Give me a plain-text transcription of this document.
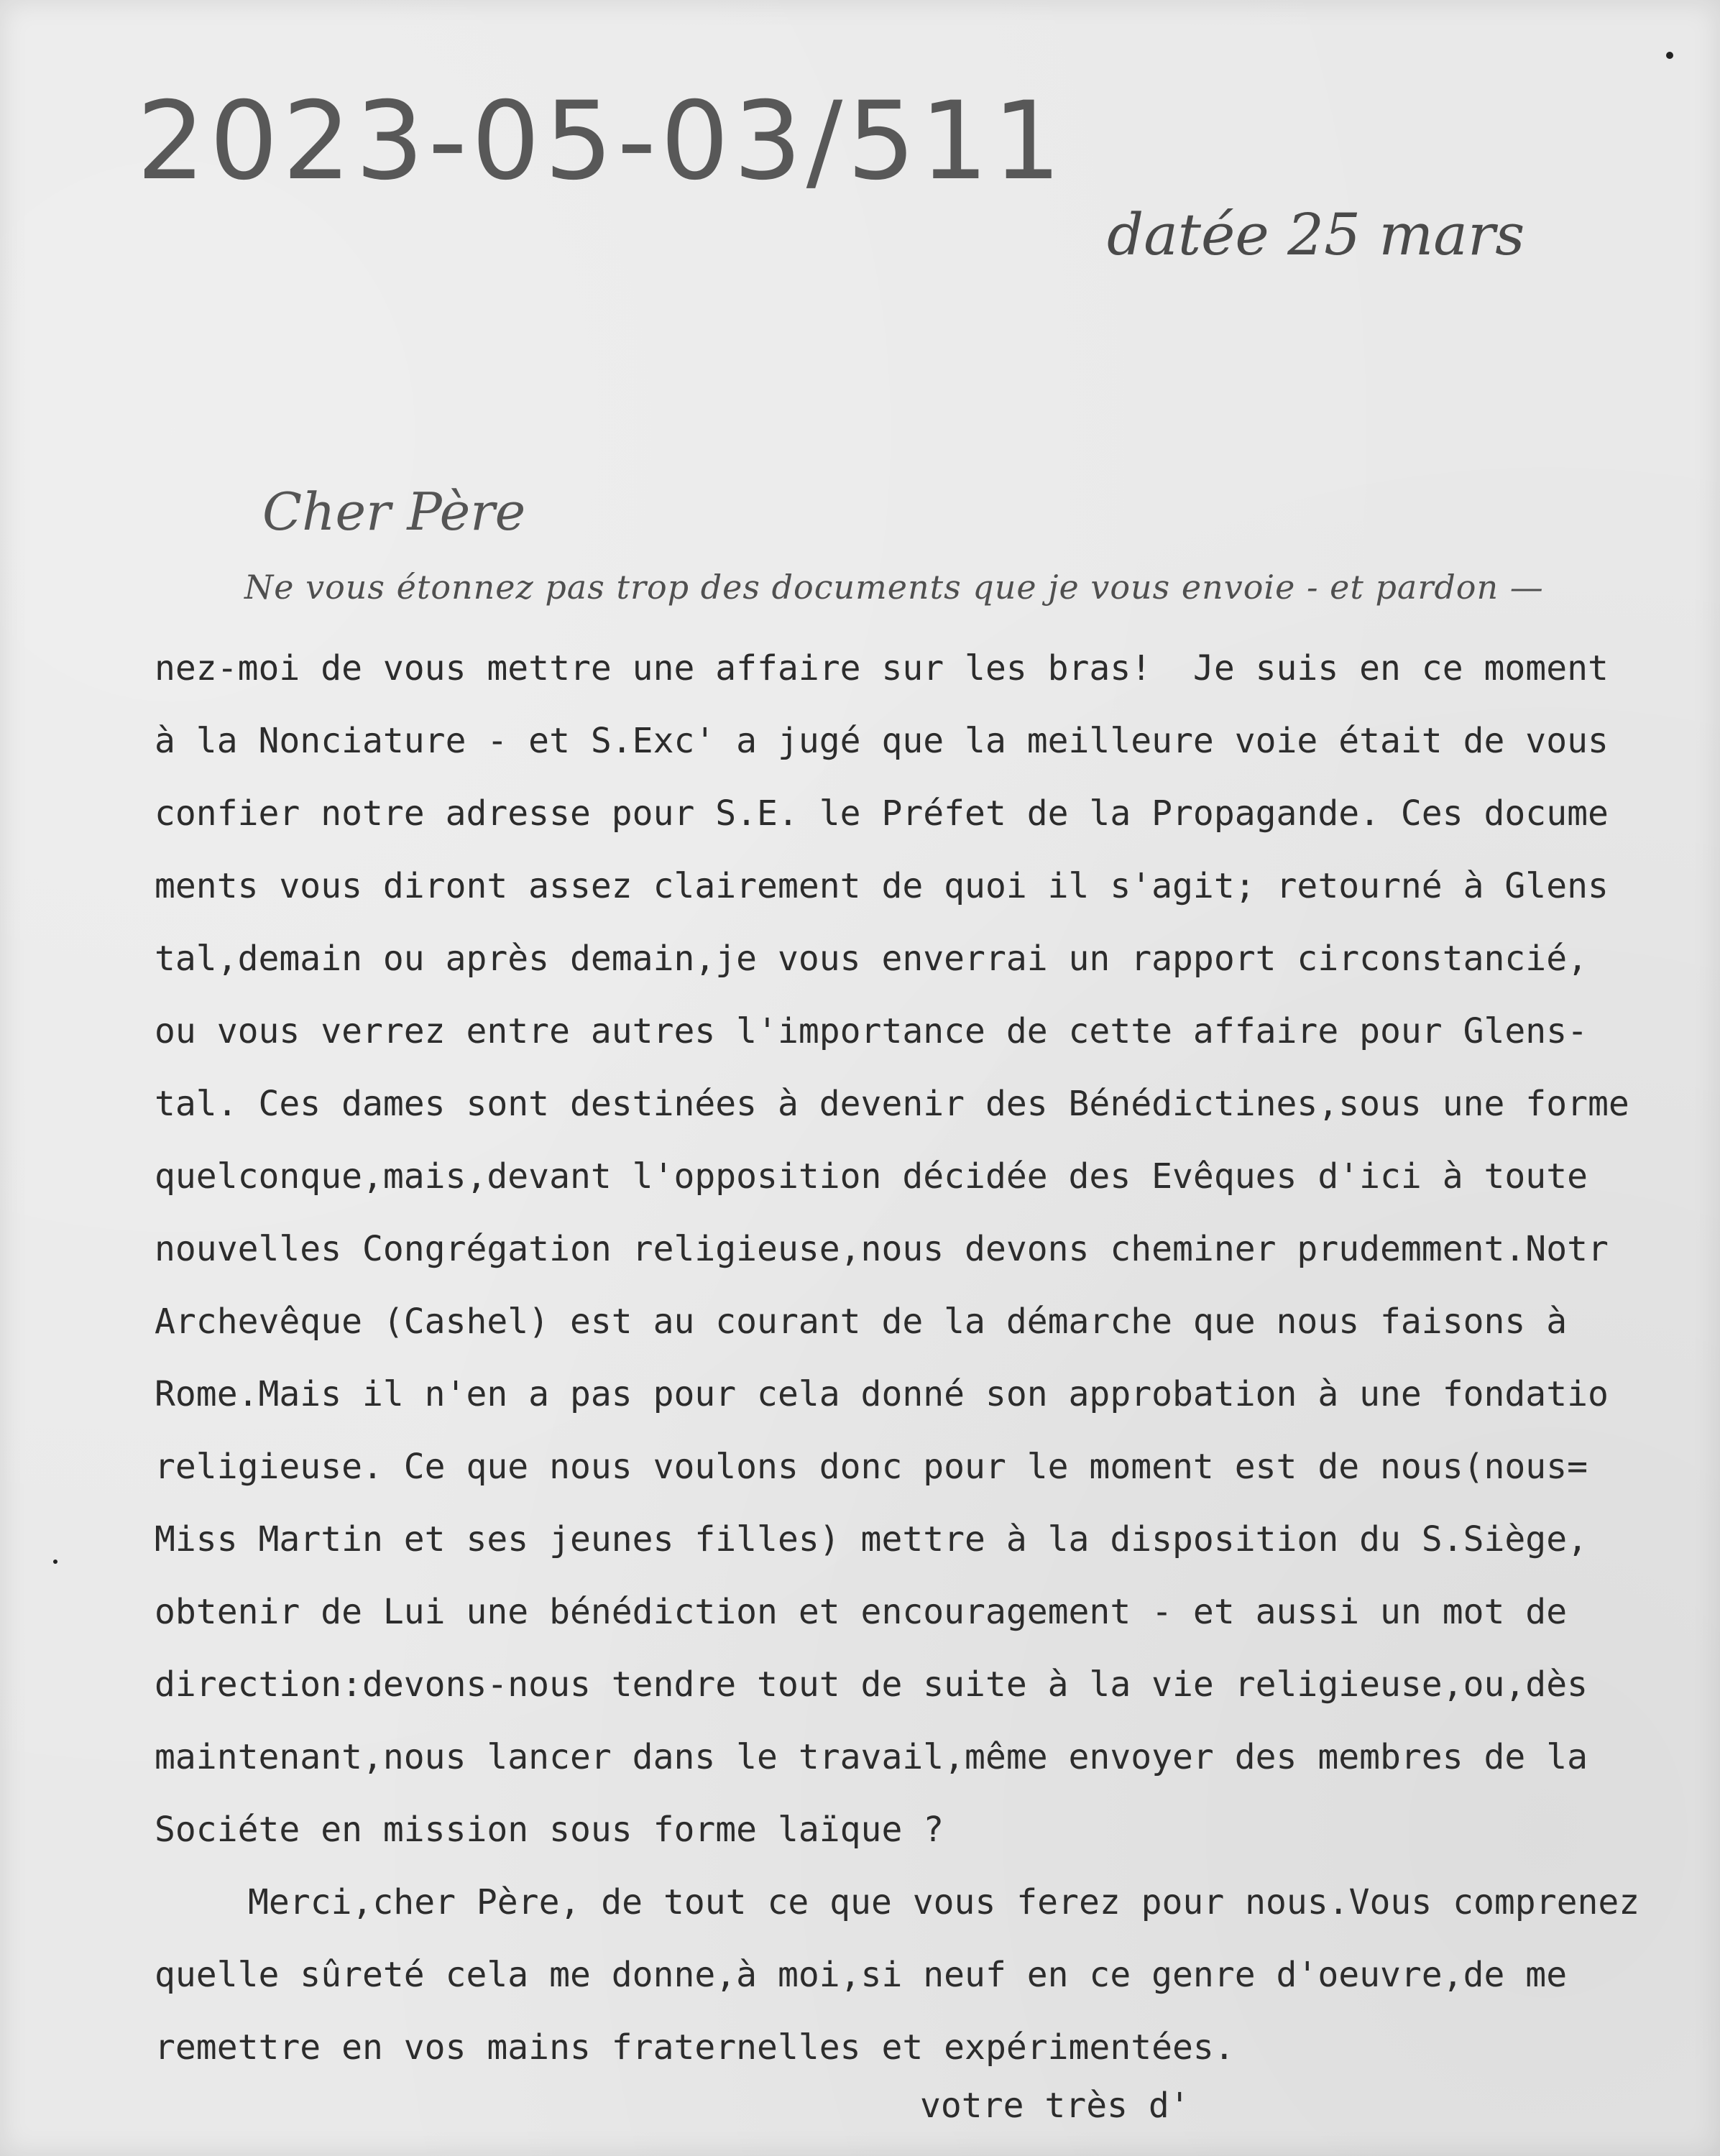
2023-05-03/511
datée 25 mars
Cher Père
Ne vous étonnez pas trop des documents que je vous envoie - et pardon —
nez-moi de vous mettre une affaire sur les bras!  Je suis en ce moment
à la Nonciature - et S.Exc' a jugé que la meilleure voie était de vous
confier notre adresse pour S.E. le Préfet de la Propagande. Ces docume
ments vous diront assez clairement de quoi il s'agit; retourné à Glens
tal,demain ou après demain,je vous enverrai un rapport circonstancié,
ou vous verrez entre autres l'importance de cette affaire pour Glens-
tal. Ces dames sont destinées à devenir des Bénédictines,sous une forme
quelconque,mais,devant l'opposition décidée des Evêques d'ici à toute
nouvelles Congrégation religieuse,nous devons cheminer prudemment.Notr
Archevêque (Cashel) est au courant de la démarche que nous faisons à
Rome.Mais il n'en a pas pour cela donné son approbation à une fondatio
religieuse. Ce que nous voulons donc pour le moment est de nous(nous=
Miss Martin et ses jeunes filles) mettre à la disposition du S.Siège,
obtenir de Lui une bénédiction et encouragement - et aussi un mot de
direction:devons-nous tendre tout de suite à la vie religieuse,ou,dès
maintenant,nous lancer dans le travail,même envoyer des membres de la
Sociéte en mission sous forme laïque ?
Merci,cher Père, de tout ce que vous ferez pour nous.Vous comprenez
quelle sûreté cela me donne,à moi,si neuf en ce genre d'oeuvre,de me
remettre en vos mains fraternelles et expérimentées.
votre très d'
